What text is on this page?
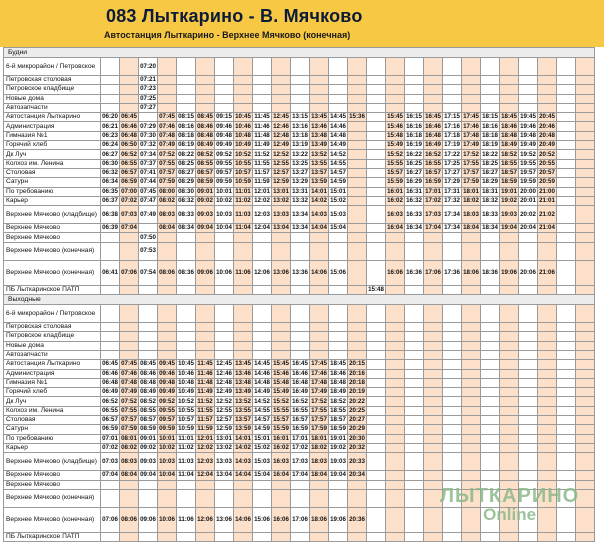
083 Лыткарино - В. Мячково
Автостанция Лыткарино - Верхнее Мячково (конечная)
Будни																										
6-й микрорайон / Петровское			07:20																							
Петровская столовая			07:21																							
Петровское кладбище			07:23																							
Новые дома			07:25																							
Автозапчасти			07:27																							
Автостанция Лыткарино	06:20	06:45		07:45	08:15	08:45	09:15	10:45	11:45	12:45	13:15	13:45	14:45	15:36		15:45	16:15	16:45	17:15	17:45	18:15	18:45	19:45	20:45		
Администрация	06:21	06:46	07:29	07:46	08:16	08:46	09:46	10:46	11:46	12:46	13:16	13:46	14:46			15:46	16:16	16:46	17:16	17:46	18:16	18:46	19:46	20:46		
Гимназия №1	06:23	06:48	07:30	07:48	08:18	08:48	09:48	10:48	11:48	12:48	13:18	13:48	14:48			15:48	16:18	16:48	17:18	17:48	18:18	18:48	19:48	20:48		
Горячий хлеб	06:24	06:50	07:32	07:49	08:19	08:49	09:49	10:49	11:49	12:49	13:19	13:49	14:49			15:49	16:19	16:49	17:19	17:49	18:19	18:49	19:49	20:49		
Дк Луч	06:27	06:52	07:34	07:52	08:22	08:52	09:52	10:52	11:52	12:52	13:22	13:52	14:52			15:52	16:22	16:52	17:22	17:52	18:22	18:52	19:52	20:52		
Колхоз им. Ленина	06:30	06:55	07:37	07:55	08:25	08:55	09:55	10:55	11:55	12:55	13:25	13:55	14:55			15:55	16:25	16:55	17:25	17:55	18:25	18:55	19:55	20:55		
Столовая	06:32	06:57	07:41	07:57	08:27	08:57	09:57	10:57	11:57	12:57	13:27	13:57	14:57			15:57	16:27	16:57	17:27	17:57	18:27	18:57	19:57	20:57		
Сатурн	06:34	06:59	07:44	07:59	08:29	08:59	09:59	10:59	11:59	12:59	13:29	13:59	14:59			15:59	16:29	16:59	17:29	17:59	18:29	18:59	19:59	20:59		
По требованию	06:35	07:00	07:45	08:00	08:30	09:01	10:01	11:01	12:01	13:01	13:31	14:01	15:01			16:01	16:31	17:01	17:31	18:01	18:31	19:01	20:00	21:00		
Карьер	06:37	07:02	07:47	08:02	08:32	09:02	10:02	11:02	12:02	13:02	13:32	14:02	15:02			16:02	16:32	17:02	17:32	18:02	18:32	19:02	20:01	21:01		
Верхнее Мячково (кладбище)	06:38	07:03	07:49	08:03	08:33	09:03	10:03	11:03	12:03	13:03	13:34	14:03	15:03			16:03	16:33	17:03	17:34	18:03	18:33	19:03	20:02	21:02		
Верхнее Мячково	06:39	07:04		08:04	08:34	09:04	10:04	11:04	12:04	13:04	13:34	14:04	15:04			16:04	16:34	17:04	17:34	18:04	18:34	19:04	20:04	21:04		
Верхнее Мячково			07:50																							
Верхнее Мячково (конечная)			07:53																							
Верхнее Мячково (конечная)	06:41	07:06	07:54	08:06	08:36	09:06	10:06	11:06	12:06	13:06	13:36	14:06	15:06			16:06	16:36	17:06	17:36	18:06	18:36	19:06	20:06	21:06		
ПБ Лыткаринское ПАТП															15:48											
Выходные																										
6-й микрорайон / Петровское																										
Петровская столовая																										
Петровское кладбище																										
Новые дома																										
Автозапчасти																										
Автостанция Лыткарино	06:45	07:45	08:45	09:45	10:45	11:45	12:45	13:45	14:45	15:45	16:45	17:45	18:45	20:15												
Администрация	06:46	07:46	08:46	09:46	10:46	11:46	12:46	13:46	14:46	15:46	16:46	17:46	18:46	20:16												
Гимназия №1	06:48	07:48	08:48	09:48	10:48	11:48	12:48	13:48	14:48	15:48	16:48	17:48	18:48	20:18												
Горячий хлеб	06:49	07:49	08:49	09:49	10:49	11:49	12:49	13:49	14:49	15:49	16:49	17:49	18:49	20:19												
Дк Луч	06:52	07:52	08:52	09:52	10:52	11:52	12:52	13:52	14:52	15:52	16:52	17:52	18:52	20:22												
Колхоз им. Ленина	06:55	07:55	08:55	09:55	10:55	11:55	12:55	13:55	14:55	15:55	16:55	17:55	18:55	20:25												
Столовая	06:57	07:57	08:57	09:57	10:57	11:57	12:57	13:57	14:57	15:57	16:57	17:57	18:57	20:27												
Сатурн	06:59	07:59	08:59	09:59	10:59	11:59	12:59	13:59	14:59	15:59	16:59	17:59	18:59	20:29												
По требованию	07:01	08:01	09:01	10:01	11:01	12:01	13:01	14:01	15:01	16:01	17:01	18:01	19:01	20:30												
Карьер	07:02	08:02	09:02	10:02	11:02	12:02	13:02	14:02	15:02	16:02	17:02	18:02	19:02	20:32												
Верхнее Мячково (кладбище)	07:03	08:03	09:03	10:03	11:03	12:03	13:03	14:03	15:03	16:03	17:03	18:03	19:03	20:33												
Верхнее Мячково	07:04	08:04	09:04	10:04	11:04	12:04	13:04	14:04	15:04	16:04	17:04	18:04	19:04	20:34												
Верхнее Мячково																										
Верхнее Мячково (конечная)																										
Верхнее Мячково (конечная)	07:06	08:06	09:06	10:06	11:06	12:06	13:06	14:06	15:06	16:06	17:06	18:06	19:06	20:36												
ПБ Лыткаринское ПАТП																										
ЛЫТКАРИНО
Online
